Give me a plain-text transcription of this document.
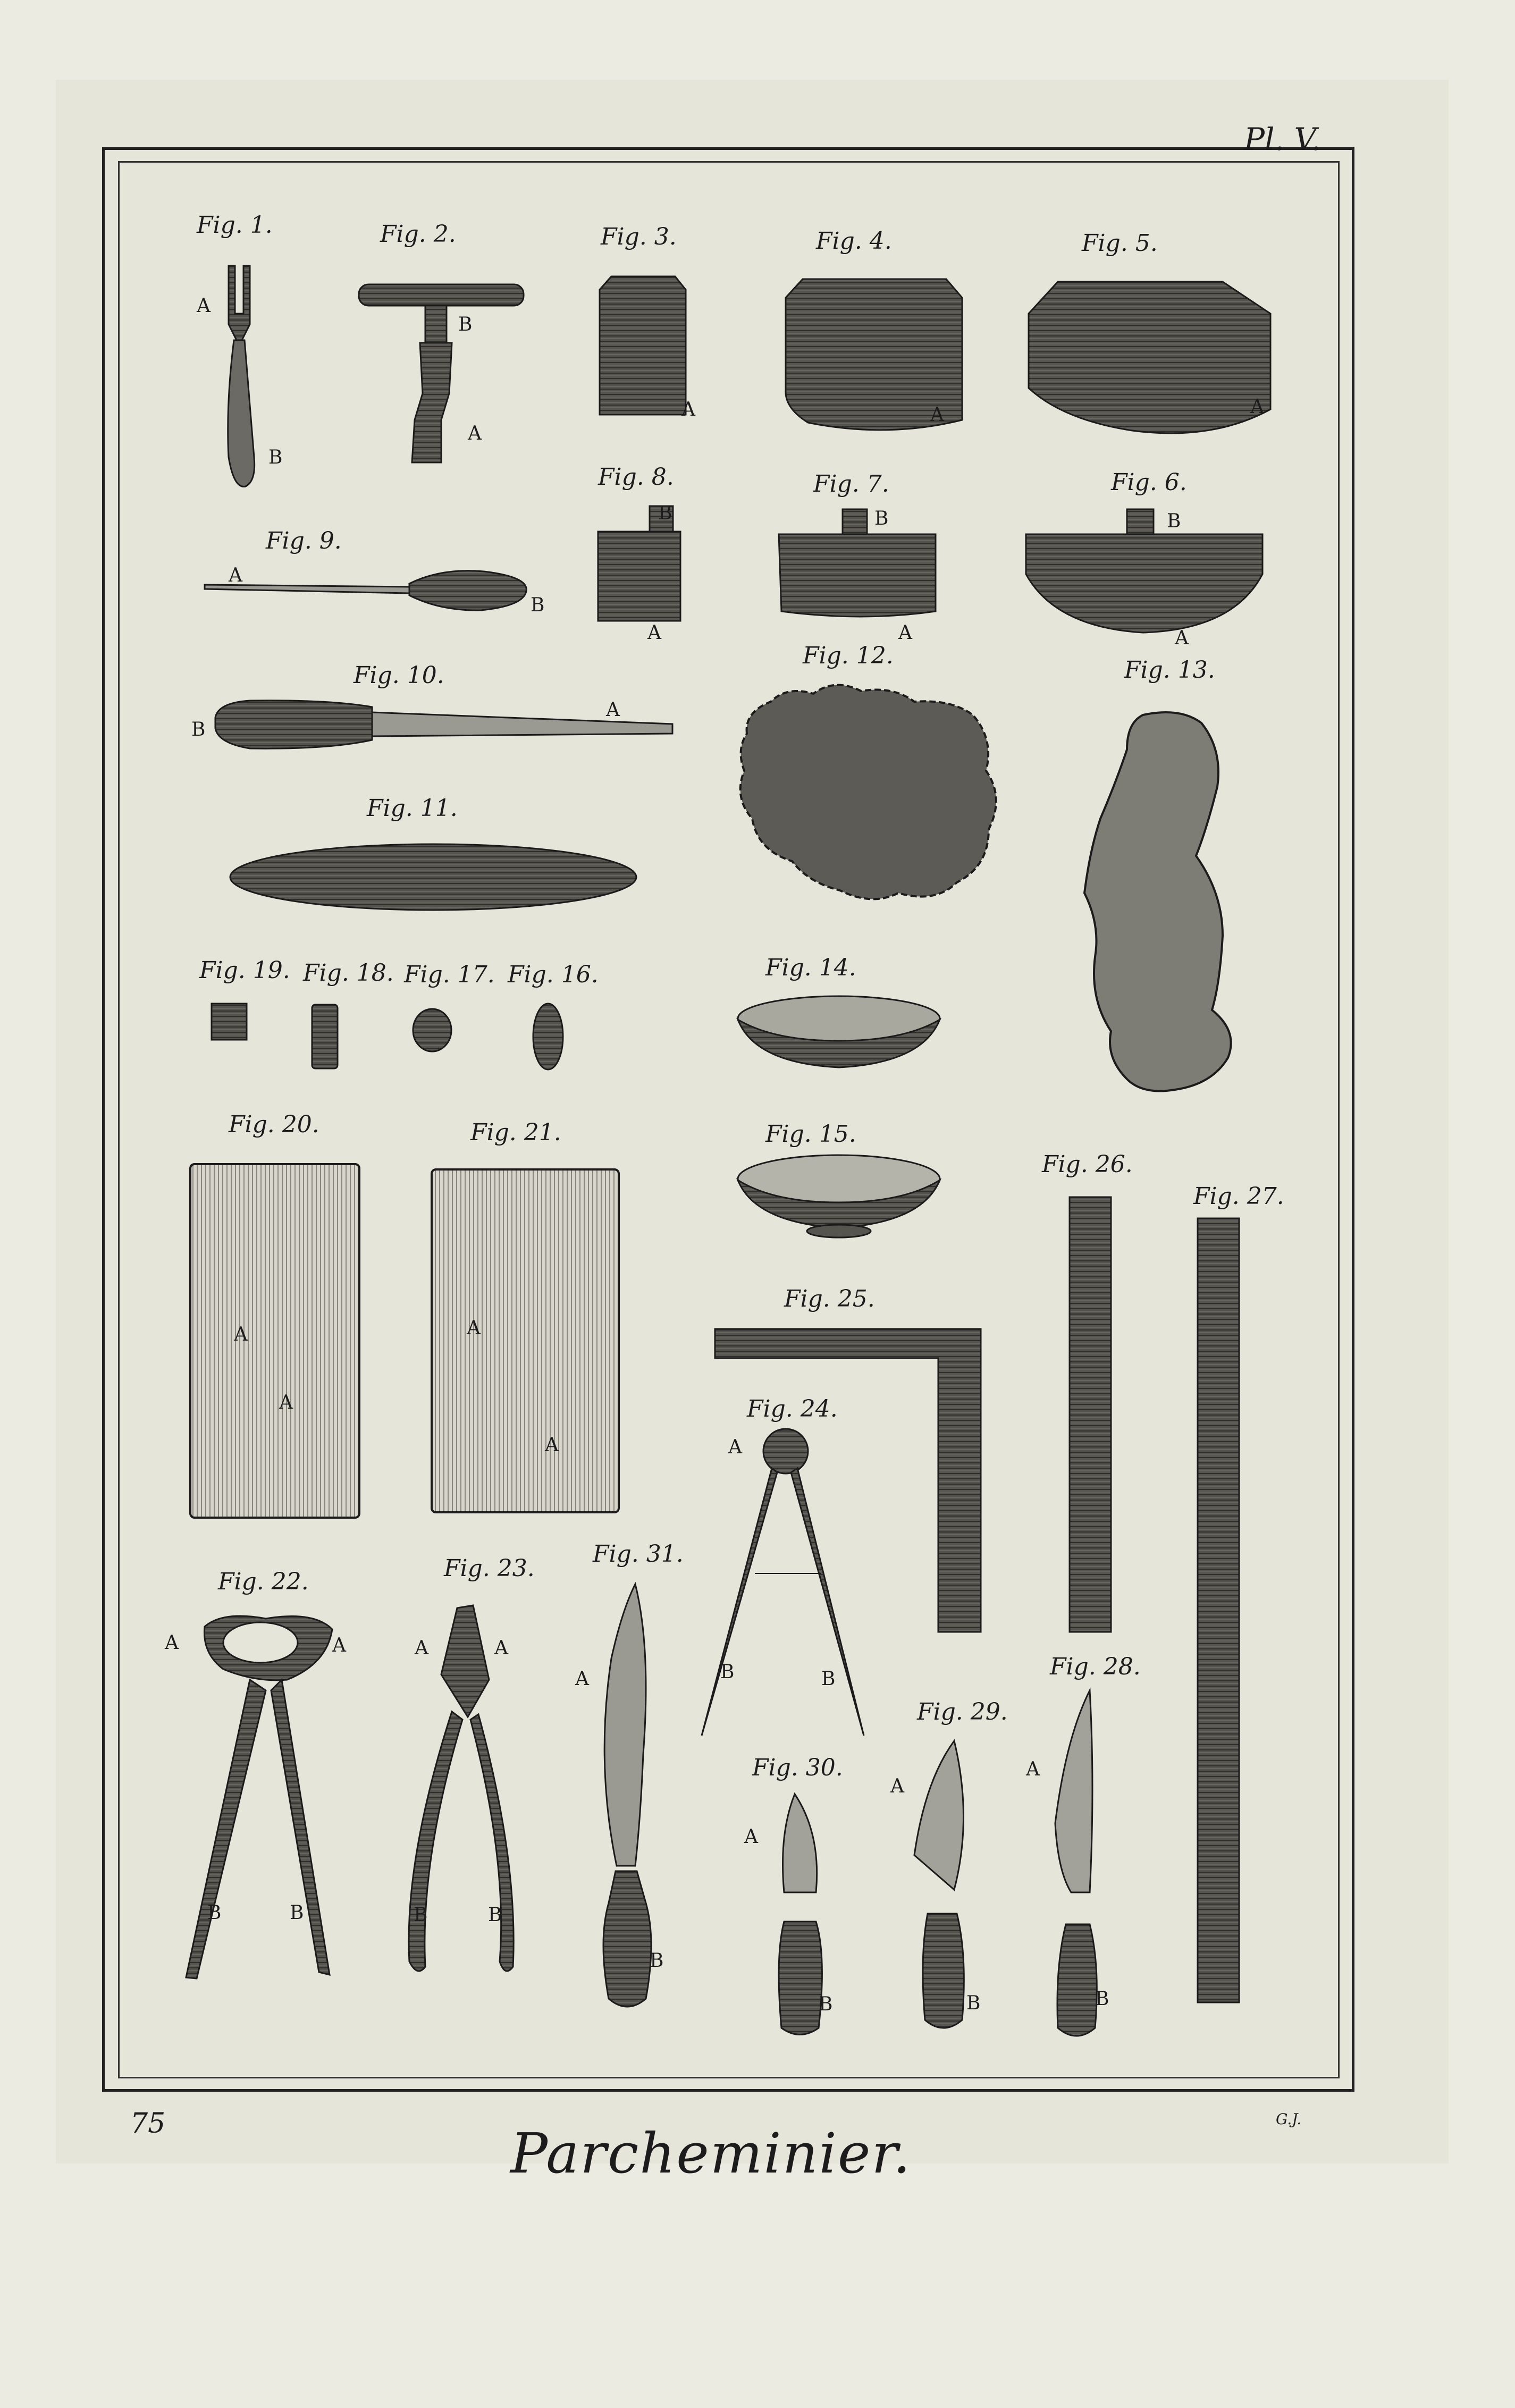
Pl. V.
Fig. 1.	Fig. 2.	Fig. 3.	Fig. 4.	Fig. 5.
Fig. 6.
Fig. 7.
Fig. 8.
Fig. 9.
Fig. 10.
Fig. 11.
Fig. 12.
Fig. 13.
Fig. 14.
Fig. 15.
Fig. 16.
Fig. 17.
Fig. 18.
Fig. 19.
Fig. 20.	Fig. 21.
Fig. 22.	Fig. 23.
Fig. 24.
Fig. 25.
Fig. 26.
Fig. 27.
Fig. 28.
Fig. 29.
Fig. 30.
Fig. 31.
A
B
B
A
A	A	A
B
A
B
A
B
A
A
B
B
A
A
A
A
A
A	A
B	B
A	A
B	B
A
B	B
A
B
A
B
A
B
A
B
75	G.J.
Parcheminier.
